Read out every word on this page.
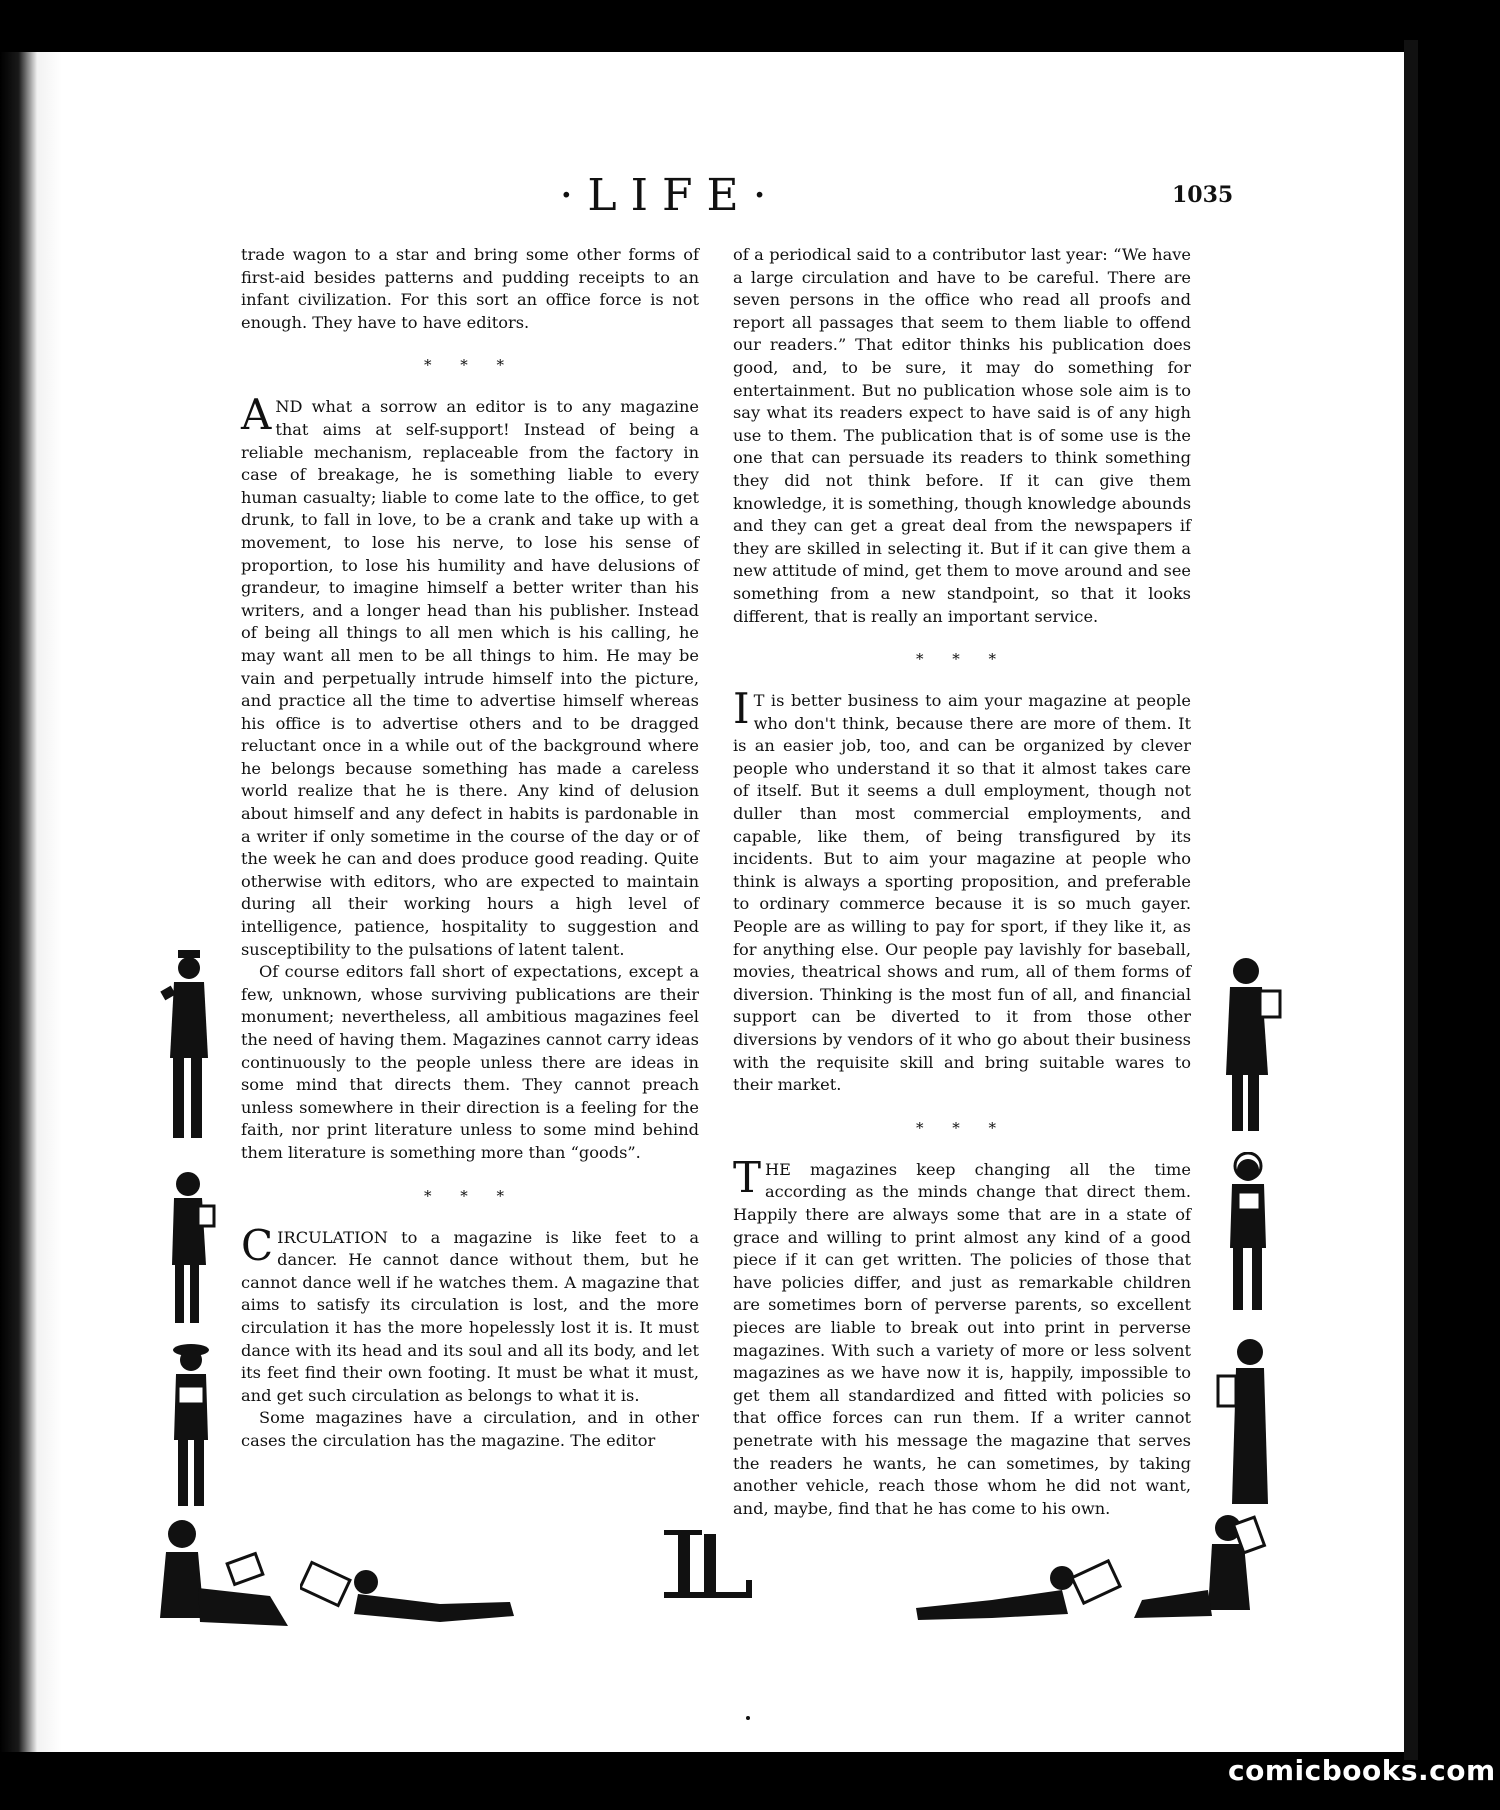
·LIFE·	1035

trade wagon to a star and bring some other forms of first-aid besides patterns and pudding receipts to an infant civilization. For this sort an office force is not enough. They have to have editors.

* * *

AND what a sorrow an editor is to any magazine that aims at self-support! Instead of being a reliable mechanism, replaceable from the factory in case of breakage, he is something liable to every human casualty; liable to come late to the office, to get drunk, to fall in love, to be a crank and take up with a movement, to lose his nerve, to lose his sense of proportion, to lose his humility and have delusions of grandeur, to imagine himself a better writer than his writers, and a longer head than his publisher. Instead of being all things to all men which is his calling, he may want all men to be all things to him. He may be vain and perpetually intrude himself into the picture, and practice all the time to advertise himself whereas his office is to advertise others and to be dragged reluctant once in a while out of the background where he belongs because something has made a careless world realize that he is there. Any kind of delusion about himself and any defect in habits is pardonable in a writer if only sometime in the course of the day or of the week he can and does produce good reading. Quite otherwise with editors, who are expected to maintain during all their working hours a high level of intelligence, patience, hospitality to suggestion and susceptibility to the pulsations of latent talent.

Of course editors fall short of expectations, except a few, unknown, whose surviving publications are their monument; nevertheless, all ambitious magazines feel the need of having them. Magazines cannot carry ideas continuously to the people unless there are ideas in some mind that directs them. They cannot preach unless somewhere in their direction is a feeling for the faith, nor print literature unless to some mind behind them literature is something more than “goods”.

* * *

CIRCULATION to a magazine is like feet to a dancer. He cannot dance without them, but he cannot dance well if he watches them. A magazine that aims to satisfy its circulation is lost, and the more circulation it has the more hopelessly lost it is. It must dance with its head and its soul and all its body, and let its feet find their own footing. It must be what it must, and get such circulation as belongs to what it is.

Some magazines have a circulation, and in other cases the circulation has the magazine. The editor

of a periodical said to a contributor last year: “We have a large circulation and have to be careful. There are seven persons in the office who read all proofs and report all passages that seem to them liable to offend our readers.” That editor thinks his publication does good, and, to be sure, it may do something for entertainment. But no publication whose sole aim is to say what its readers expect to have said is of any high use to them. The publication that is of some use is the one that can persuade its readers to think something they did not think before. If it can give them knowledge, it is something, though knowledge abounds and they can get a great deal from the newspapers if they are skilled in selecting it. But if it can give them a new attitude of mind, get them to move around and see something from a new standpoint, so that it looks different, that is really an important service.

* * *

I T is better business to aim your magazine at people who don't think, because there are more of them. It is an easier job, too, and can be organized by clever people who understand it so that it almost takes care of itself. But it seems a dull employment, though not duller than most commercial employments, and capable, like them, of being transfigured by its incidents. But to aim your magazine at people who think is always a sporting proposition, and preferable to ordinary commerce because it is so much gayer. People are as willing to pay for sport, if they like it, as for anything else. Our people pay lavishly for baseball, movies, theatrical shows and rum, all of them forms of diversion. Thinking is the most fun of all, and financial support can be diverted to it from those other diversions by vendors of it who go about their business with the requisite skill and bring suitable wares to their market.

* * *

THE magazines keep changing all the time according as the minds change that direct them. Happily there are always some that are in a state of grace and willing to print almost any kind of a good piece if it can get written. The policies of those that have policies differ, and just as remarkable children are sometimes born of perverse parents, so excellent pieces are liable to break out into print in perverse magazines. With such a variety of more or less solvent magazines as we have now it is, happily, impossible to get them all standardized and fitted with policies so that office forces can run them. If a writer cannot penetrate with his message the magazine that serves the readers he wants, he can sometimes, by taking another vehicle, reach those whom he did not want, and, maybe, find that he has come to his own.

comicbooks.com
